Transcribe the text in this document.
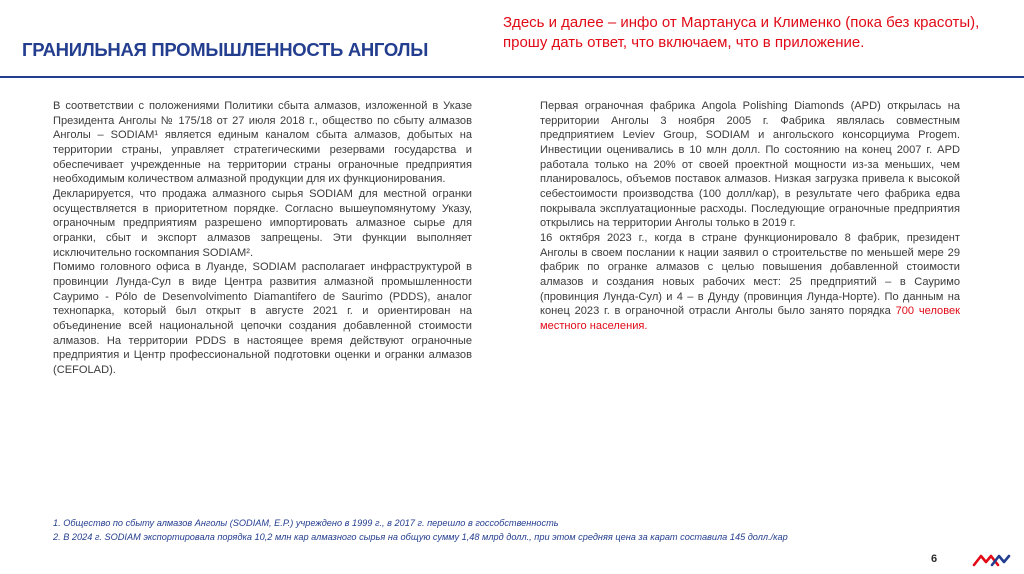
ГРАНИЛЬНАЯ ПРОМЫШЛЕННОСТЬ АНГОЛЫ
Здесь и далее – инфо от Мартануса и Клименко (пока без красоты), прошу дать ответ, что включаем, что в приложение.

В соответствии с положениями Политики сбыта алмазов, изложенной в Указе Президента Анголы № 175/18 от 27 июля 2018 г., обществo по сбыту алмазов Анголы – SODIAM¹ является единым каналом сбыта алмазов, добытых на территории страны, управляет стратегическими резервами государства и обеспечивает учрежденные на территории страны ограночные предприятия необходимым количеством алмазной продукции для их функционирования.

Декларируется, что продажа алмазного сырья SODIAM для местной огранки осуществляется в приоритетном порядке. Согласно вышеупомянутому Указу, ограночным предприятиям разрешено импортировать алмазное сырье для огранки, сбыт и экспорт алмазов запрещены. Эти функции выполняет исключительно госкомпания SODIAM².

Помимо головного офиса в Луанде, SODIAM располагает инфраструктурой в провинции Лунда-Сул в виде Центра развития алмазной промышленности Сауримо - Pólo de Desenvolvimento Diamantifero de Saurimo (PDDS), аналог технопарка, который был открыт в августе 2021 г. и ориентирован на объединение всей национальной цепочки создания добавленной стоимости алмазов. На территории PDDS в настоящее время действуют ограночные предприятия и Центр профессиональной подготовки оценки и огранки алмазов (CEFOLAD).

Первая ограночная фабрика Angola Polishing Diamonds (APD) открылась на территории Анголы 3 ноября 2005 г. Фабрика являлась совместным предприятием Leviev Group, SODIAM и ангольского консорциума Progem. Инвестиции оценивались в 10 млн долл. По состоянию на конец 2007 г. APD работала только на 20% от своей проектной мощности из-за меньших, чем планировалось, объемов поставок алмазов. Низкая загрузка привела к высокой себестоимости производства (100 долл/кар), в результате чего фабрика едва покрывала эксплуатационные расходы. Последующие ограночные предприятия открылись на территории Анголы только в 2019 г.

16 октября 2023 г., когда в стране функционировало 8 фабрик, президент Анголы в своем послании к нации заявил о строительстве по меньшей мере 29 фабрик по огранке алмазов с целью повышения добавленной стоимости алмазов и создания новых рабочих мест: 25 предприятий – в Сауримо (провинция Лунда-Сул) и 4 – в Дунду (провинция Лунда-Норте). По данным на конец 2023 г. в ограночной отрасли Анголы было занято порядка 700 человек местного населения.

1. Общество по сбыту алмазов Анголы (SODIAM, E.P.) учреждено в 1999 г., в 2017 г. перешло в госсобственность
2. В 2024 г. SODIAM экспортировала порядка 10,2 млн кар алмазного сырья на общую сумму 1,48 млрд долл., при этом средняя цена за карат составила 145 долл./кар
6
